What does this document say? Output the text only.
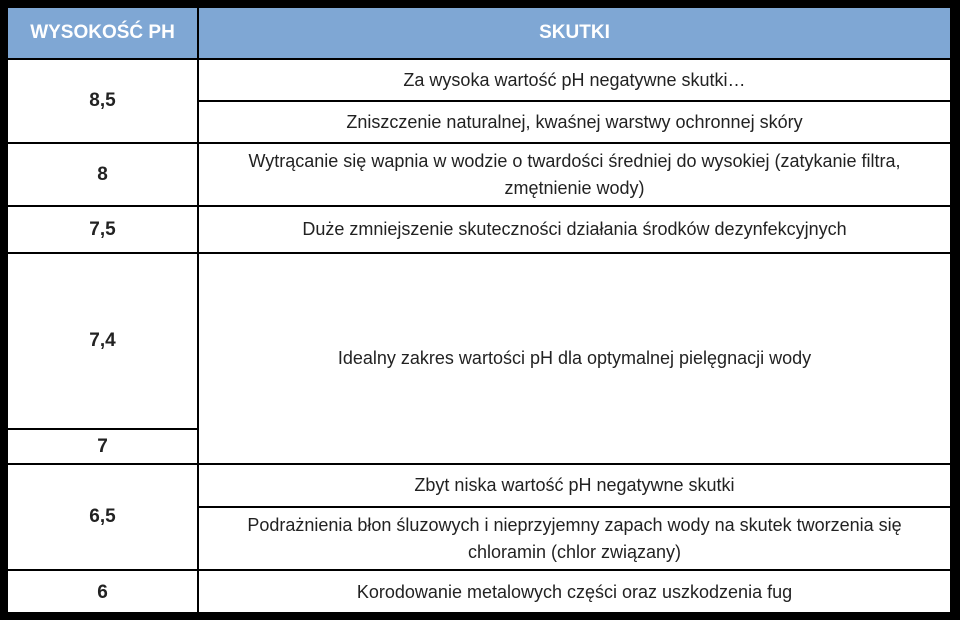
WYSOKOŚĆ PH	SKUTKI
8,5	Za wysoka wartość pH negatywne skutki…
	Zniszczenie naturalnej, kwaśnej warstwy ochronnej skóry
8	Wytrącanie się wapnia w wodzie o twardości średniej do wysokiej (zatykanie filtra, zmętnienie wody)
7,5	Duże zmniejszenie skuteczności działania środków dezynfekcyjnych
7,4	Idealny zakres wartości pH dla optymalnej pielęgnacji wody
7	
6,5	Zbyt niska wartość pH negatywne skutki
	Podrażnienia błon śluzowych i nieprzyjemny zapach wody na skutek tworzenia się chloramin (chlor związany)
6	Korodowanie metalowych części oraz uszkodzenia fug
